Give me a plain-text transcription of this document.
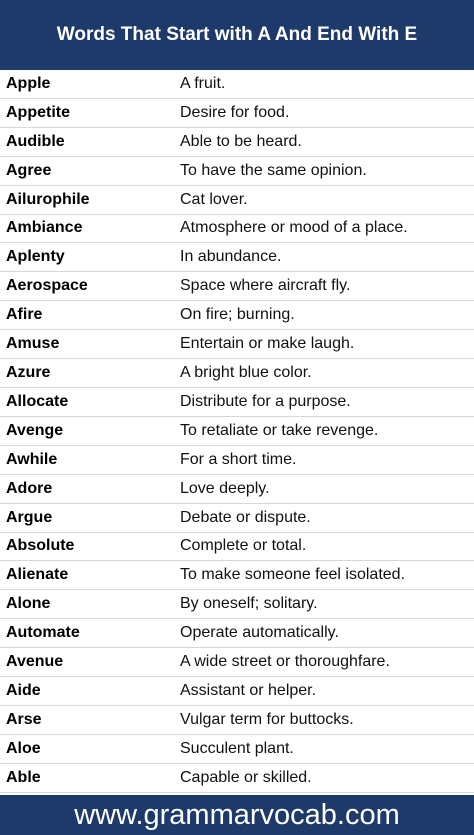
Words That Start with A And End With E
Apple	A fruit.
Appetite	Desire for food.
Audible	Able to be heard.
Agree	To have the same opinion.
Ailurophile	Cat lover.
Ambiance	Atmosphere or mood of a place.
Aplenty	In abundance.
Aerospace	Space where aircraft fly.
Afire	On fire; burning.
Amuse	Entertain or make laugh.
Azure	A bright blue color.
Allocate	Distribute for a purpose.
Avenge	To retaliate or take revenge.
Awhile	For a short time.
Adore	Love deeply.
Argue	Debate or dispute.
Absolute	Complete or total.
Alienate	To make someone feel isolated.
Alone	By oneself; solitary.
Automate	Operate automatically.
Avenue	A wide street or thoroughfare.
Aide	Assistant or helper.
Arse	Vulgar term for buttocks.
Aloe	Succulent plant.
Able	Capable or skilled.
www.grammarvocab.com
